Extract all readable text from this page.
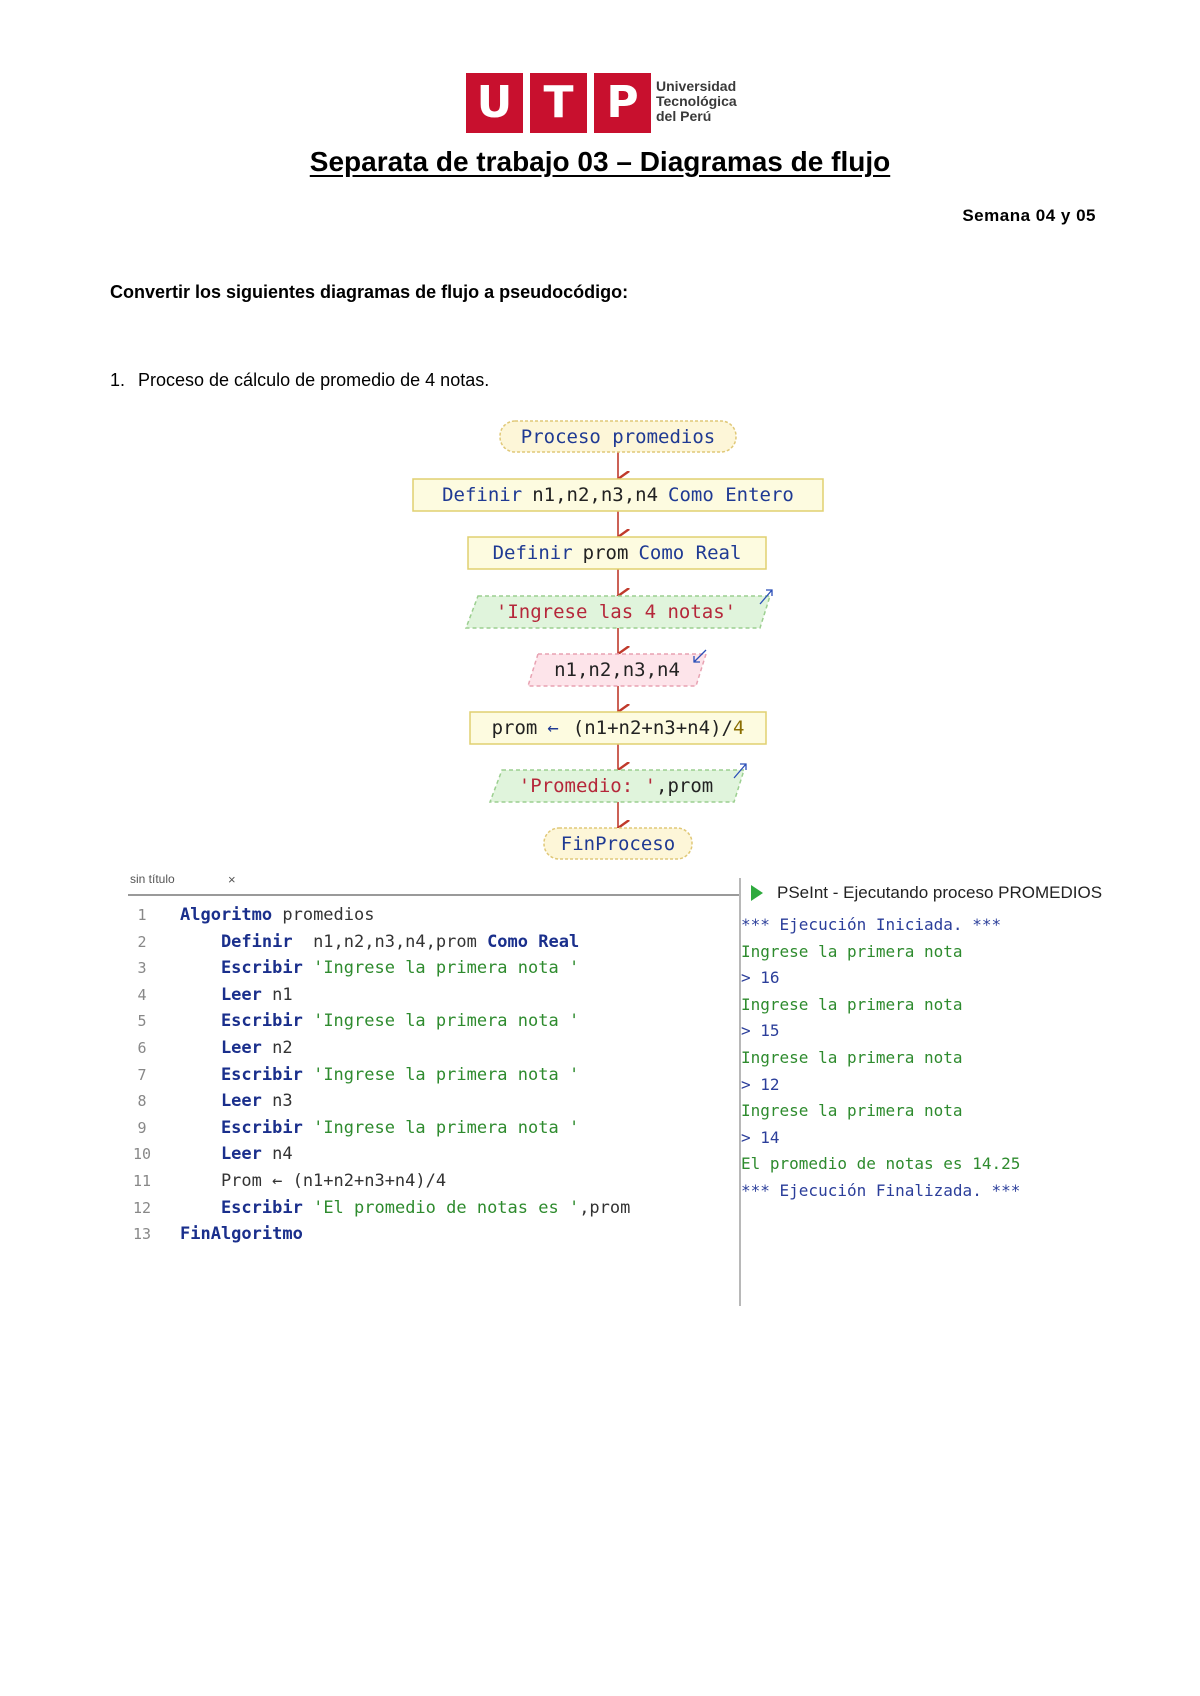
U T P	Universidad
Tecnológica
del Perú
Separata de trabajo 03 – Diagramas de flujo
Semana 04 y 05
Convertir los siguientes diagramas de flujo a pseudocódigo:
1. Proceso de cálculo de promedio de 4 notas.
Proceso promedios
Definir n1,n2,n3,n4 Como Entero
Definir prom Como Real
'Ingrese las 4 notas'
n1,n2,n3,n4
prom ← (n1+n2+n3+n4)/4
'Promedio: ',prom
FinProceso
sin título	×
1	Algoritmo promedios
2	Definir  n1,n2,n3,n4,prom Como Real
3	Escribir 'Ingrese la primera nota '
4	Leer n1
5	Escribir 'Ingrese la primera nota '
6	Leer n2
7	Escribir 'Ingrese la primera nota '
8	Leer n3
9	Escribir 'Ingrese la primera nota '
10 Leer n4
11 Prom ← (n1+n2+n3+n4)/4
12 Escribir 'El promedio de notas es ',prom
13 FinAlgoritmo
PSeInt - Ejecutando proceso PROMEDIOS
*** Ejecución Iniciada. ***
Ingrese la primera nota
> 16
Ingrese la primera nota
> 15
Ingrese la primera nota
> 12
Ingrese la primera nota
> 14
El promedio de notas es 14.25
*** Ejecución Finalizada. ***
